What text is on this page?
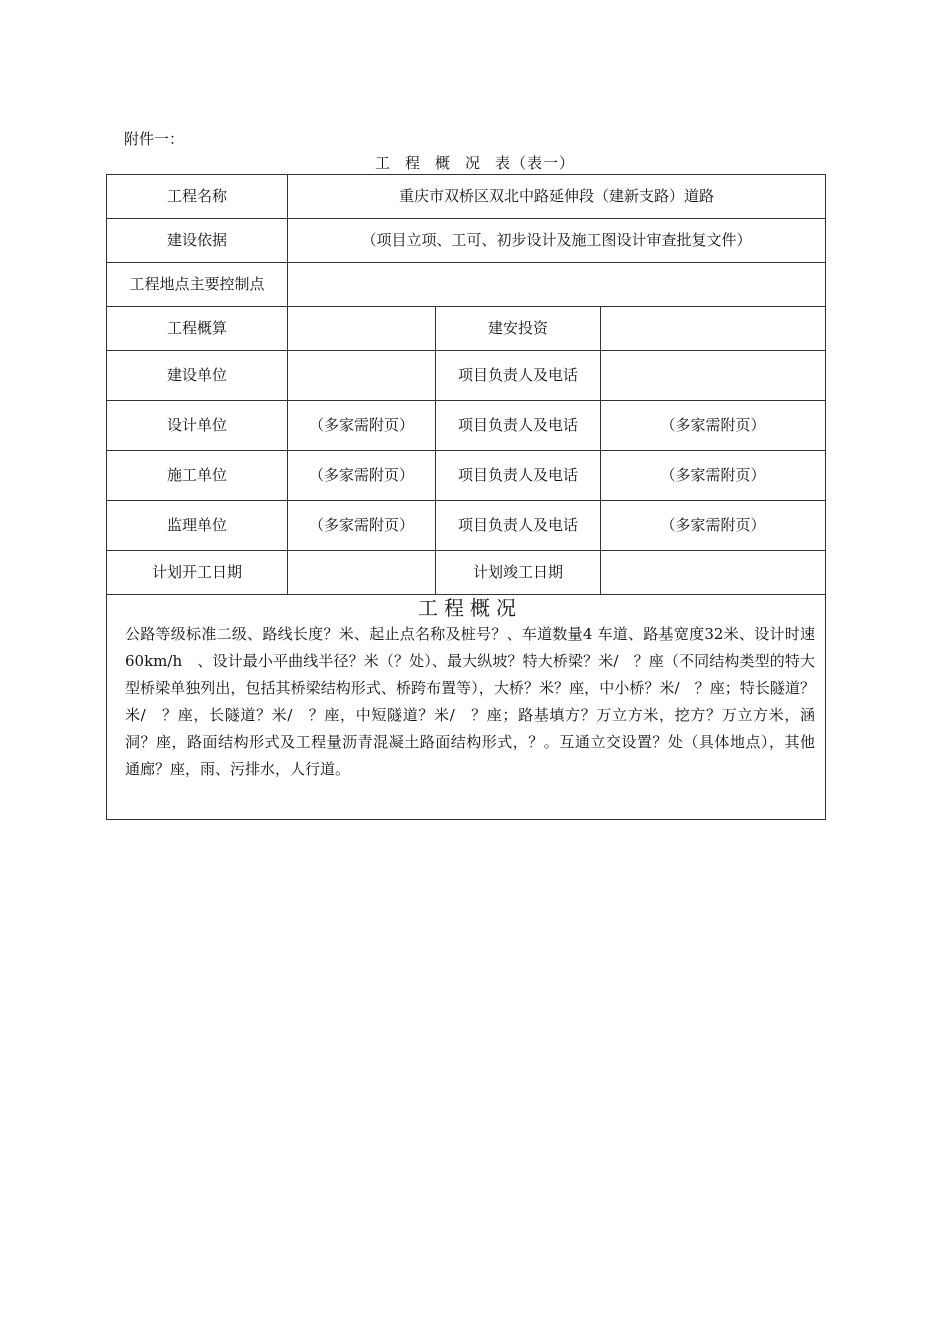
附件一：
工 程 概 况 表（表一）
工程名称	重庆市双桥区双北中路延伸段（建新支路）道路		
建设依据	（项目立项、工可、初步设计及施工图设计审查批复文件）		
工程地点主要控制点			
工程概算		建安投资	
建设单位		项目负责人及电话	
设计单位	（多家需附页）	项目负责人及电话	（多家需附页）
施工单位	（多家需附页）	项目负责人及电话	（多家需附页）
监理单位	（多家需附页）	项目负责人及电话	（多家需附页）
计划开工日期		计划竣工日期	

工程概况
公路等级标准二级、路线长度？米、起止点名称及桩号？、车道数量4 车道、路基宽度32米、设计时速60km/h　、设计最小平曲线半径？米（？处）、最大纵坡？特大桥梁？米/　？座（不同结构类型的特大型桥梁单独列出，包括其桥梁结构形式、桥跨布置等），大桥？米？座，中小桥？米/　？座；特长隧道？米/　？座，长隧道？米/　？座，中短隧道？米/　？座；路基填方？万立方米，挖方？万立方米，涵洞？座，路面结构形式及工程量沥青混凝土路面结构形式，？。互通立交设置？处（具体地点），其他　通廊？座，雨、污排水，人行道。			
